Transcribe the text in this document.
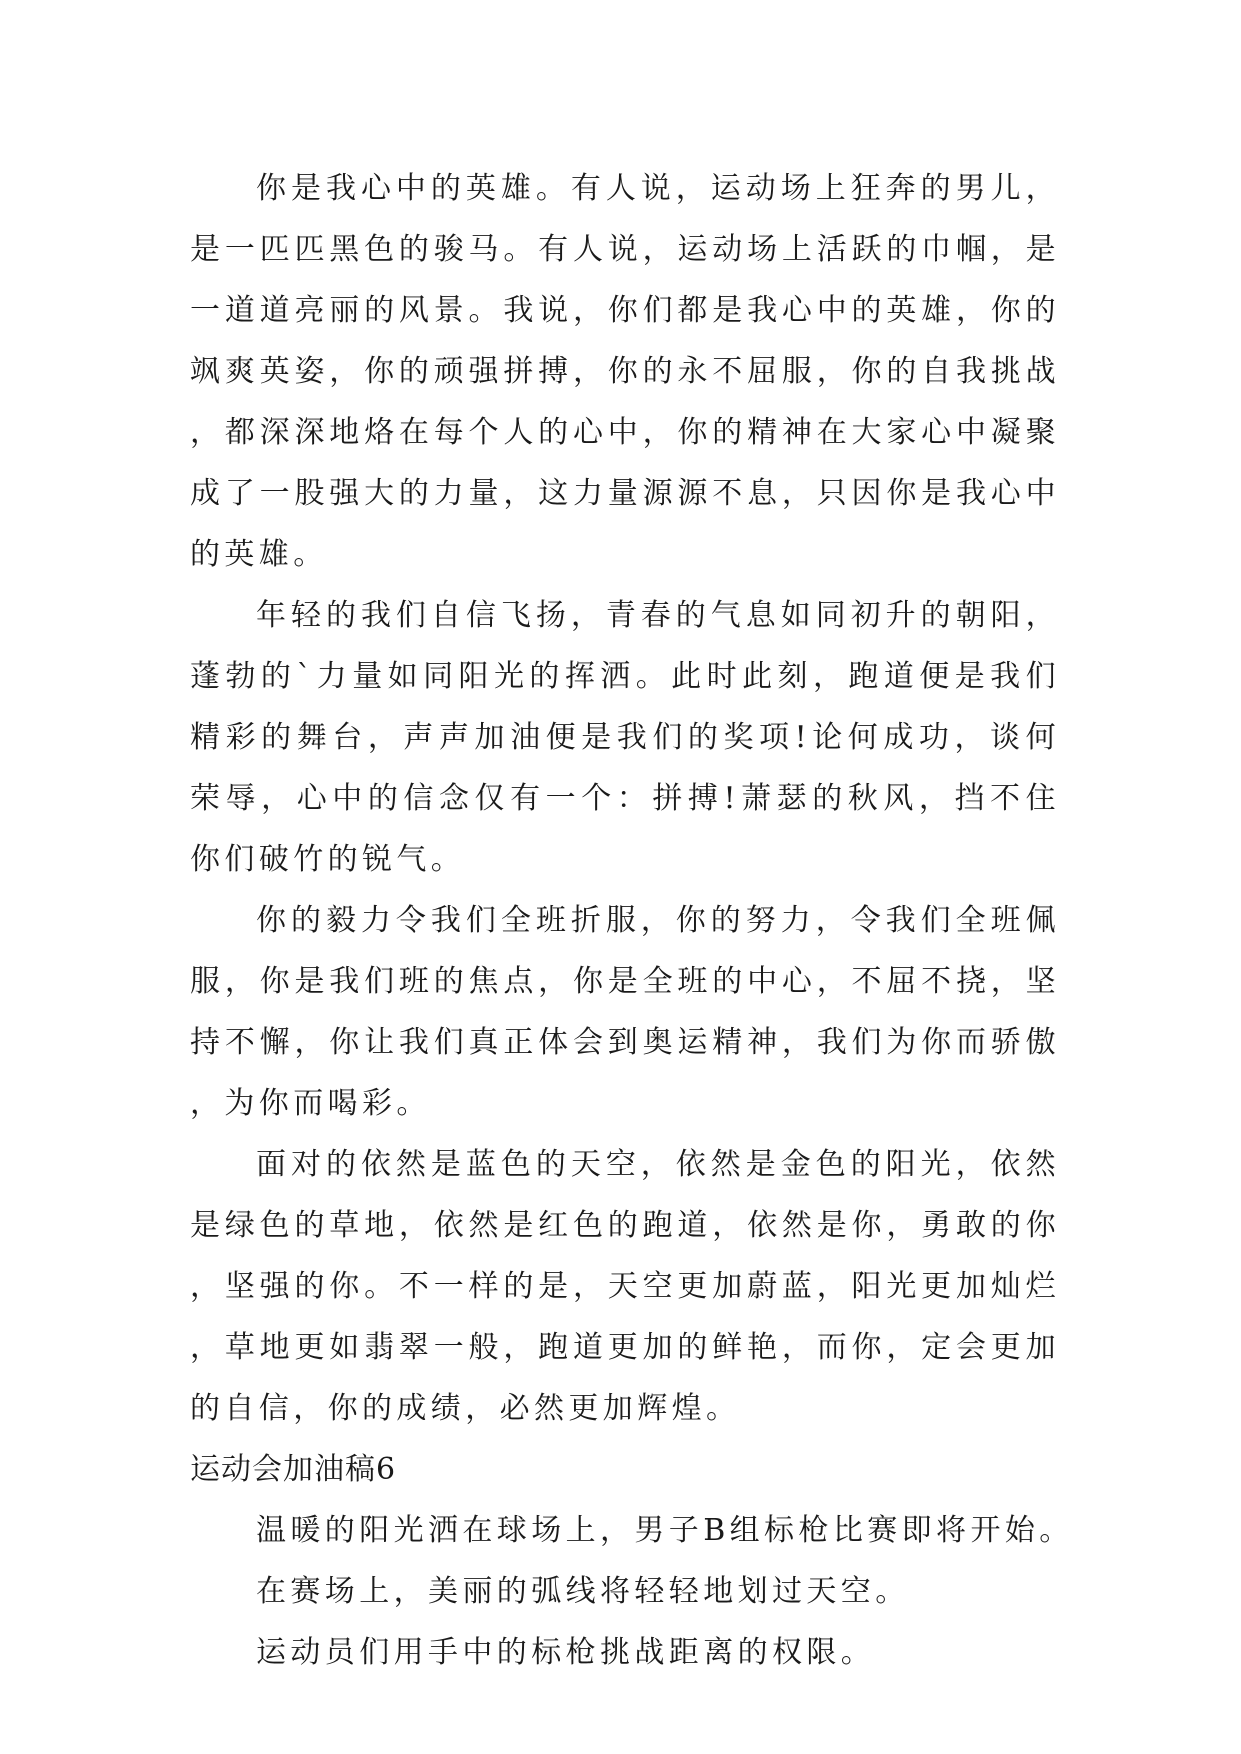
你是我心中的英雄。有人说，运动场上狂奔的男儿，是一匹匹黑色的骏马。有人说，运动场上活跃的巾帼，是一道道亮丽的风景。我说，你们都是我心中的英雄，你的飒爽英姿，你的顽强拼搏，你的永不屈服，你的自我挑战，都深深地烙在每个人的心中，你的精神在大家心中凝聚成了一股强大的力量，这力量源源不息，只因你是我心中的英雄。

年轻的我们自信飞扬，青春的气息如同初升的朝阳，蓬勃的`力量如同阳光的挥洒。此时此刻，跑道便是我们精彩的舞台，声声加油便是我们的奖项!论何成功，谈何荣辱，心中的信念仅有一个：拼搏!萧瑟的秋风，挡不住你们破竹的锐气。

你的毅力令我们全班折服，你的努力，令我们全班佩服，你是我们班的焦点，你是全班的中心，不屈不挠，坚持不懈，你让我们真正体会到奥运精神，我们为你而骄傲，为你而喝彩。

面对的依然是蓝色的天空，依然是金色的阳光，依然是绿色的草地，依然是红色的跑道，依然是你，勇敢的你，坚强的你。不一样的是，天空更加蔚蓝，阳光更加灿烂，草地更如翡翠一般，跑道更加的鲜艳，而你，定会更加的自信，你的成绩，必然更加辉煌。

运动会加油稿6

温暖的阳光洒在球场上，男子B组标枪比赛即将开始。

在赛场上，美丽的弧线将轻轻地划过天空。

运动员们用手中的标枪挑战距离的权限。
